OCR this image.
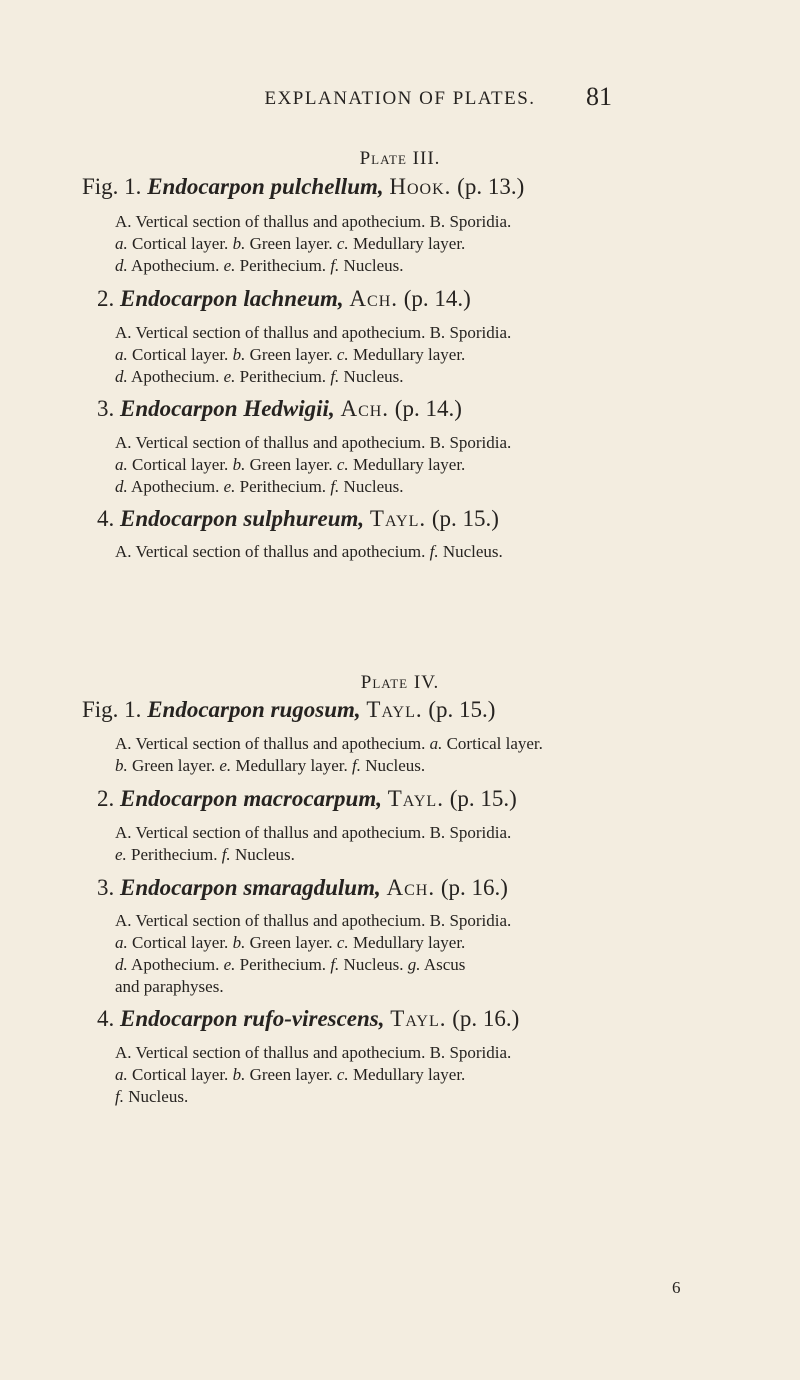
EXPLANATION OF PLATES.	81
Plate III.
Fig. 1. Endocarpon pulchellum, Hook. (p. 13.)
A. Vertical section of thallus and apothecium. B. Sporidia.
a. Cortical layer. b. Green layer. c. Medullary layer.
d. Apothecium. e. Perithecium. f. Nucleus.
2. Endocarpon lachneum, Ach. (p. 14.)
A. Vertical section of thallus and apothecium. B. Sporidia.
a. Cortical layer. b. Green layer. c. Medullary layer.
d. Apothecium. e. Perithecium. f. Nucleus.
3. Endocarpon Hedwigii, Ach. (p. 14.)
A. Vertical section of thallus and apothecium. B. Sporidia.
a. Cortical layer. b. Green layer. c. Medullary layer.
d. Apothecium. e. Perithecium. f. Nucleus.
4. Endocarpon sulphureum, Tayl. (p. 15.)
A. Vertical section of thallus and apothecium. f. Nucleus.
Plate IV.
Fig. 1. Endocarpon rugosum, Tayl. (p. 15.)
A. Vertical section of thallus and apothecium. a. Cortical layer.
b. Green layer. e. Medullary layer. f. Nucleus.
2. Endocarpon macrocarpum, Tayl. (p. 15.)
A. Vertical section of thallus and apothecium. B. Sporidia.
e. Perithecium. f. Nucleus.
3. Endocarpon smaragdulum, Ach. (p. 16.)
A. Vertical section of thallus and apothecium. B. Sporidia.
a. Cortical layer. b. Green layer. c. Medullary layer.
d. Apothecium. e. Perithecium. f. Nucleus. g. Ascus
and paraphyses.
4. Endocarpon rufo-virescens, Tayl. (p. 16.)
A. Vertical section of thallus and apothecium. B. Sporidia.
a. Cortical layer. b. Green layer. c. Medullary layer.
f. Nucleus.
6
